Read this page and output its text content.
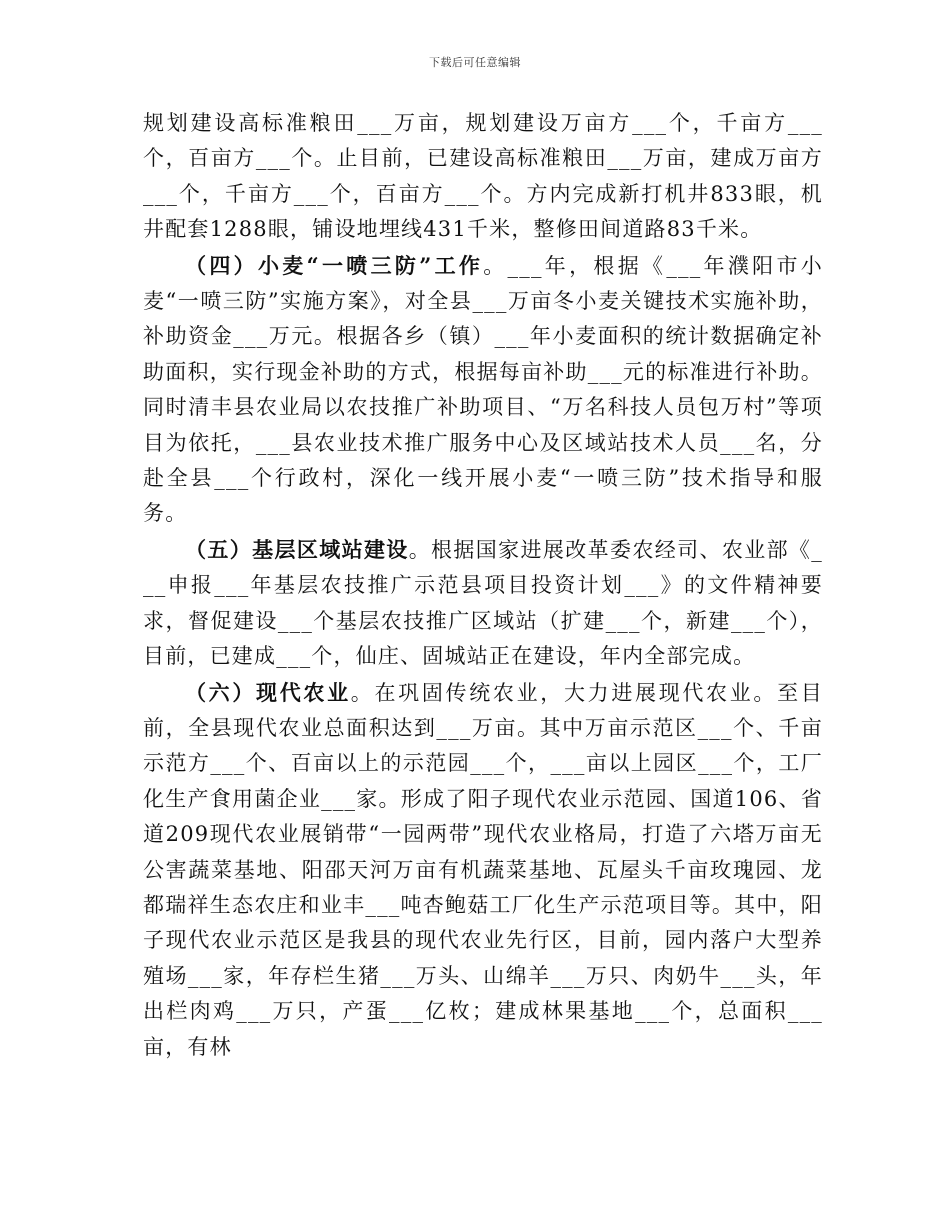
下载后可任意编辑

规划建设高标准粮田___万亩，规划建设万亩方___个，千亩方___个，百亩方___个。止目前，已建设高标准粮田___万亩，建成万亩方___个，千亩方___个，百亩方___个。方内完成新打机井833眼，机井配套1288眼，铺设地埋线431千米，整修田间道路83千米。

（四）小麦“一喷三防”工作。___年，根据《___年濮阳市小麦“一喷三防”实施方案》，对全县___万亩冬小麦关键技术实施补助，补助资金___万元。根据各乡（镇）___年小麦面积的统计数据确定补助面积，实行现金补助的方式，根据每亩补助___元的标准进行补助。同时清丰县农业局以农技推广补助项目、“万名科技人员包万村”等项目为依托，___县农业技术推广服务中心及区域站技术人员___名，分赴全县___个行政村，深化一线开展小麦“一喷三防”技术指导和服务。

（五）基层区域站建设。根据国家进展改革委农经司、农业部《___申报___年基层农技推广示范县项目投资计划___》的文件精神要求，督促建设___个基层农技推广区域站（扩建___个，新建___个），目前，已建成___个，仙庄、固城站正在建设，年内全部完成。

（六）现代农业。在巩固传统农业，大力进展现代农业。至目前，全县现代农业总面积达到___万亩。其中万亩示范区___个、千亩示范方___个、百亩以上的示范园___个，___亩以上园区___个，工厂化生产食用菌企业___家。形成了阳子现代农业示范园、国道106、省道209现代农业展销带“一园两带”现代农业格局，打造了六塔万亩无公害蔬菜基地、阳邵天河万亩有机蔬菜基地、瓦屋头千亩玫瑰园、龙都瑞祥生态农庄和业丰___吨杏鲍菇工厂化生产示范项目等。其中，阳子现代农业示范区是我县的现代农业先行区，目前，园内落户大型养殖场___家，年存栏生猪___万头、山绵羊___万只、肉奶牛___头，年出栏肉鸡___万只，产蛋___亿枚；建成林果基地___个，总面积___亩，有林
